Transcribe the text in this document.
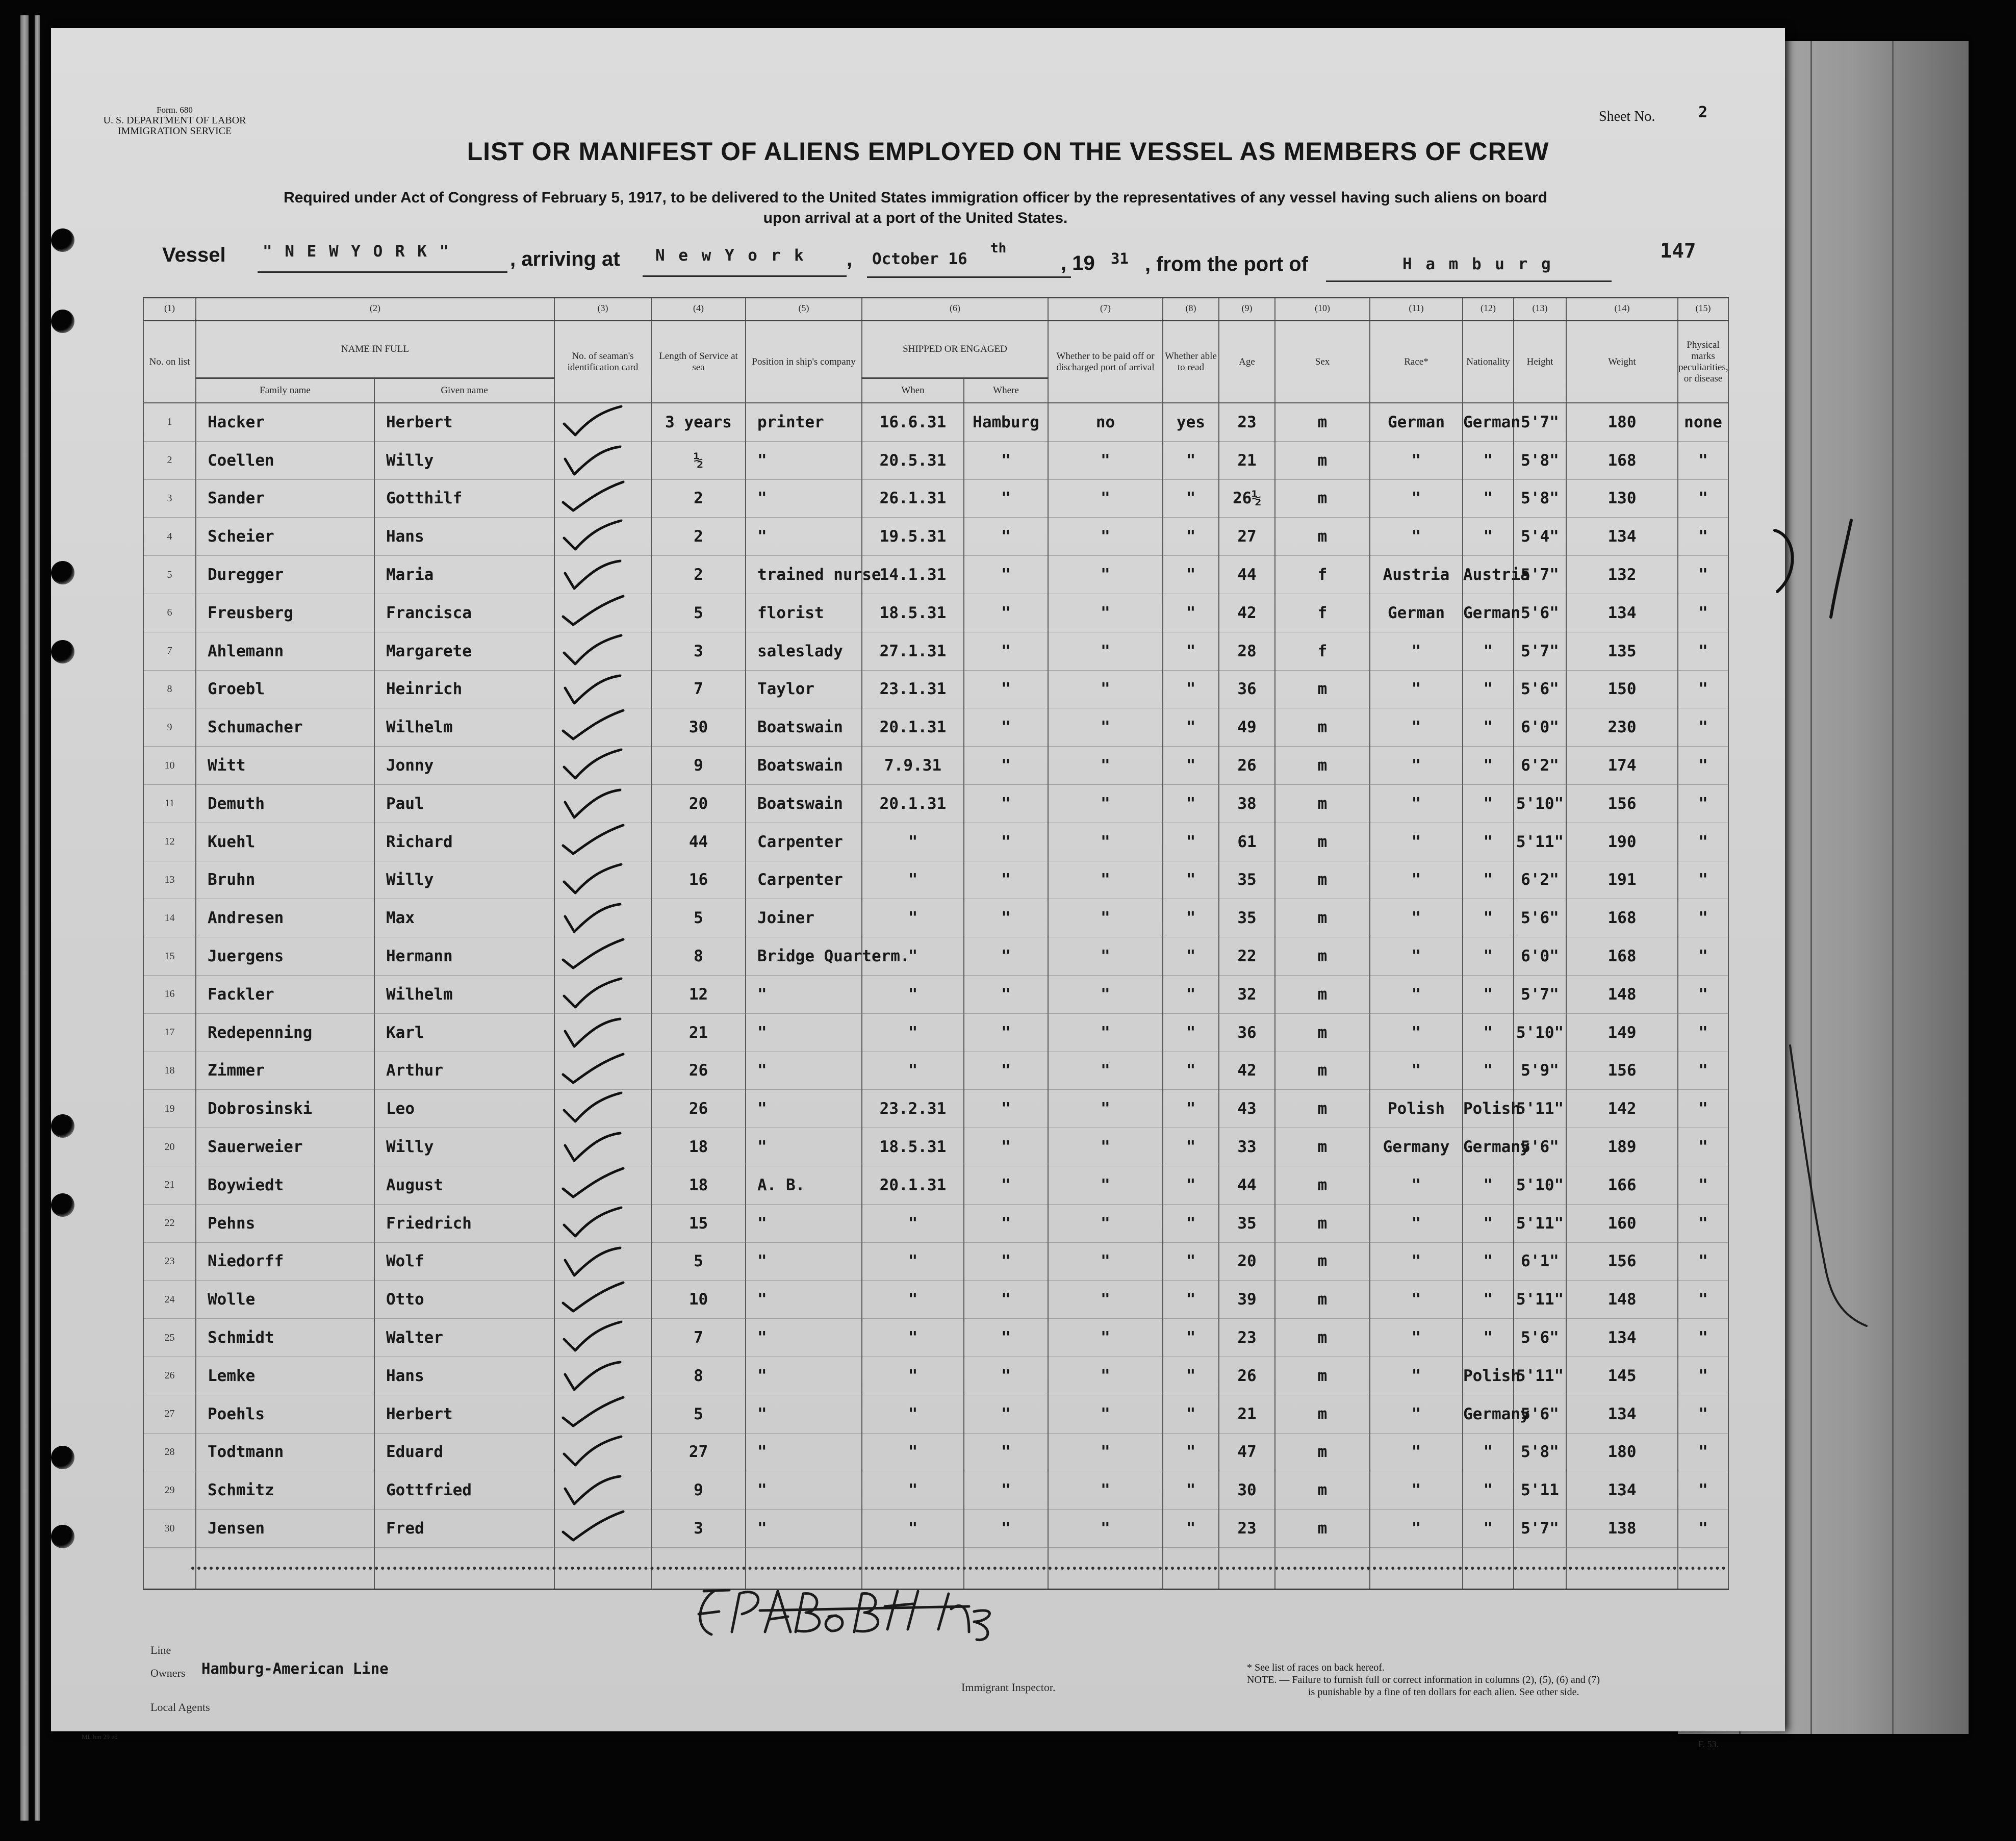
Form. 680
U. S. DEPARTMENT OF LABOR
IMMIGRATION SERVICE
Sheet No.	2
LIST OR MANIFEST OF ALIENS EMPLOYED ON THE VESSEL AS MEMBERS OF CREW
Required under Act of Congress of February 5, 1917, to be delivered to the United States immigration officer by the representatives of any vessel having such aliens on board
upon arrival at a port of the United States.
Vessel " N E W Y O R K "	, arriving at N e w Y o r k , October 16
th
, 19 31 , from the port of	H a m b u r g
147
(1)	(2)		(3)	(4)	(5)	(6)		(7)	(8)	(9)	(10)	(11)	(12)	(13)	(14)	(15)
No. on list	NAME IN FULL		No. of seaman's identification card	Length of Service at sea	Position in ship's company	SHIPPED OR ENGAGED		Whether to be paid off or discharged port of arrival	Whether able to read	Age	Sex	Race*	Nationality	Height	Weight	Physical marks peculiarities, or disease
	Family name	Given name				When	Where									
1	Hacker	Herbert		3 years	printer	16.6.31	Hamburg	no	yes	23	m	German	German	5'7"	180	none
2	Coellen	Willy		½	"	20.5.31	"	"	"	21	m	"	"	5'8"	168	"
3	Sander	Gotthilf		2	"	26.1.31	"	"	"	26½	m	"	"	5'8"	130	"
4	Scheier	Hans		2	"	19.5.31	"	"	"	27	m	"	"	5'4"	134	"
5	Duregger	Maria		2	trained nurse	14.1.31	"	"	"	44	f	Austria	Austria	5'7"	132	"
6	Freusberg	Francisca		5	florist	18.5.31	"	"	"	42	f	German	German	5'6"	134	"
7	Ahlemann	Margarete		3	saleslady	27.1.31	"	"	"	28	f	"	"	5'7"	135	"
8	Groebl	Heinrich		7	Taylor	23.1.31	"	"	"	36	m	"	"	5'6"	150	"
9	Schumacher	Wilhelm		30	Boatswain	20.1.31	"	"	"	49	m	"	"	6'0"	230	"
10	Witt	Jonny		9	Boatswain	7.9.31	"	"	"	26	m	"	"	6'2"	174	"
11	Demuth	Paul		20	Boatswain	20.1.31	"	"	"	38	m	"	"	5'10"	156	"
12	Kuehl	Richard		44	Carpenter	"	"	"	"	61	m	"	"	5'11"	190	"
13	Bruhn	Willy		16	Carpenter	"	"	"	"	35	m	"	"	6'2"	191	"
14	Andresen	Max		5	Joiner	"	"	"	"	35	m	"	"	5'6"	168	"
15	Juergens	Hermann		8	Bridge Quarterm.	"	"	"	"	22	m	"	"	6'0"	168	"
16	Fackler	Wilhelm		12	"	"	"	"	"	32	m	"	"	5'7"	148	"
17	Redepenning	Karl		21	"	"	"	"	"	36	m	"	"	5'10"	149	"
18	Zimmer	Arthur		26	"	"	"	"	"	42	m	"	"	5'9"	156	"
19	Dobrosinski	Leo		26	"	23.2.31	"	"	"	43	m	Polish	Polish	5'11"	142	"
20	Sauerweier	Willy		18	"	18.5.31	"	"	"	33	m	Germany	Germany	5'6"	189	"
21	Boywiedt	August		18	A. B.	20.1.31	"	"	"	44	m	"	"	5'10"	166	"
22	Pehns	Friedrich		15	"	"	"	"	"	35	m	"	"	5'11"	160	"
23	Niedorff	Wolf		5	"	"	"	"	"	20	m	"	"	6'1"	156	"
24	Wolle	Otto		10	"	"	"	"	"	39	m	"	"	5'11"	148	"
25	Schmidt	Walter		7	"	"	"	"	"	23	m	"	"	5'6"	134	"
26	Lemke	Hans		8	"	"	"	"	"	26	m	"	Polish	5'11"	145	"
27	Poehls	Herbert		5	"	"	"	"	"	21	m	"	Germany	5'6"	134	"
28	Todtmann	Eduard		27	"	"	"	"	"	47	m	"	"	5'8"	180	"
29	Schmitz	Gottfried		9	"	"	"	"	"	30	m	"	"	5'11	134	"
30	Jensen	Fred		3	"	"	"	"	"	23	m	"	"	5'7"	138	"

Line
Owners Hamburg-American Line
Local Agents
Immigrant Inspector.
* See list of races on back hereof.
NOTE. — Failure to furnish full or correct information in columns (2), (5), (6) and (7)
is punishable by a fine of ten dollars for each alien. See other side.
ML hm 29 ed
F. 53.
